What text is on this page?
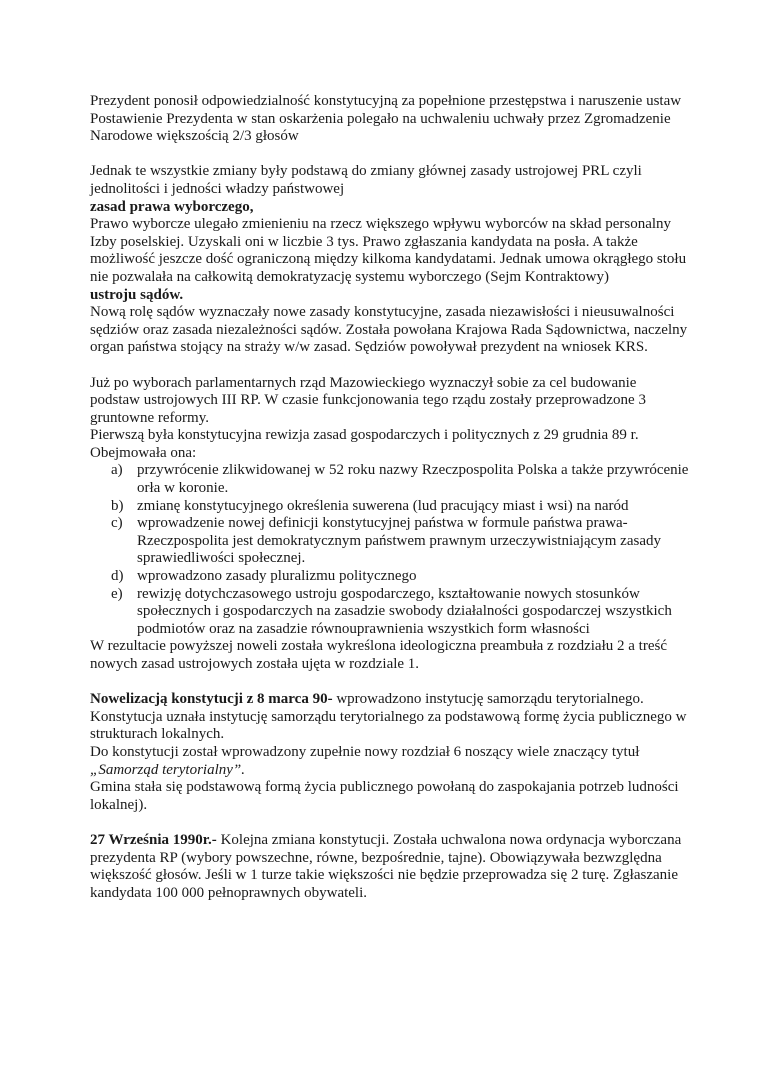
Prezydent ponosił odpowiedzialność konstytucyjną za popełnione przestępstwa i naruszenie ustaw Postawienie Prezydenta w stan oskarżenia polegało na uchwaleniu uchwały przez Zgromadzenie Narodowe większością 2/3 głosów

Jednak te wszystkie zmiany były podstawą do zmiany głównej zasady ustrojowej PRL czyli jednolitości i jedności władzy państwowej

zasad prawa wyborczego,

Prawo wyborcze ulegało zmienieniu na rzecz większego wpływu wyborców na skład personalny Izby poselskiej. Uzyskali oni w liczbie 3 tys. Prawo zgłaszania kandydata na posła. A także możliwość jeszcze dość ograniczoną między kilkoma kandydatami. Jednak umowa okrągłego stołu nie pozwalała na całkowitą demokratyzację systemu wyborczego (Sejm Kontraktowy)

ustroju sądów.

Nową rolę sądów wyznaczały nowe zasady konstytucyjne, zasada niezawisłości i nieusuwalności sędziów oraz zasada niezależności sądów. Została powołana Krajowa Rada Sądownictwa, naczelny organ państwa stojący na straży w/w zasad. Sędziów powoływał prezydent na wniosek KRS.

Już po wyborach parlamentarnych rząd Mazowieckiego wyznaczył sobie za cel budowanie podstaw ustrojowych III RP. W czasie funkcjonowania tego rządu zostały przeprowadzone 3 gruntowne reformy.

Pierwszą była konstytucyjna rewizja zasad gospodarczych i politycznych z 29 grudnia 89 r.

Obejmowała ona:

a) przywrócenie zlikwidowanej w 52 roku nazwy Rzeczpospolita Polska a także przywrócenie orła w koronie.
b) zmianę konstytucyjnego określenia suwerena (lud pracujący miast i wsi) na naród
c) wprowadzenie nowej definicji konstytucyjnej państwa w formule państwa prawa- Rzeczpospolita jest demokratycznym państwem prawnym urzeczywistniającym zasady sprawiedliwości społecznej.
d) wprowadzono zasady pluralizmu politycznego
e) rewizję dotychczasowego ustroju gospodarczego, kształtowanie nowych stosunków społecznych i gospodarczych na zasadzie swobody działalności gospodarczej wszystkich podmiotów oraz na zasadzie równouprawnienia wszystkich form własności

W rezultacie powyższej noweli została wykreślona ideologiczna preambuła z rozdziału 2 a treść nowych zasad ustrojowych została ujęta w rozdziale 1.

Nowelizacją konstytucji z 8 marca 90- wprowadzono instytucję samorządu terytorialnego. Konstytucja uznała instytucję samorządu terytorialnego za podstawową formę życia publicznego w strukturach lokalnych.

Do konstytucji został wprowadzony zupełnie nowy rozdział 6 noszący wiele znaczący tytuł

„Samorząd terytorialny”.

Gmina stała się podstawową formą życia publicznego powołaną do zaspokajania potrzeb ludności lokalnej).

27 Września 1990r.- Kolejna zmiana konstytucji. Została uchwalona nowa ordynacja wyborczana prezydenta RP (wybory powszechne, równe, bezpośrednie, tajne). Obowiązywała bezwzględna większość głosów. Jeśli w 1 turze takie większości nie będzie przeprowadza się 2 turę. Zgłaszanie kandydata 100 000 pełnoprawnych obywateli.
